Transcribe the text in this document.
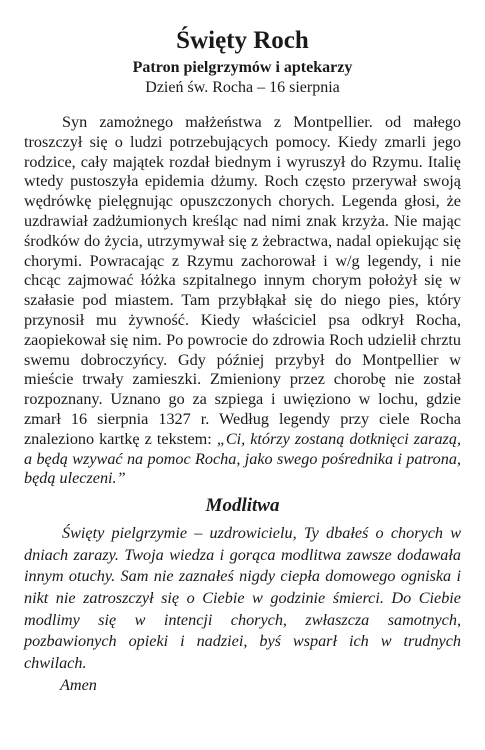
Święty Roch
Patron pielgrzymów i aptekarzy
Dzień św. Rocha – 16 sierpnia

Syn zamożnego małżeństwa z Montpellier. od małego troszczył się o ludzi potrzebujących pomocy. Kiedy zmarli jego rodzice, cały majątek rozdał biednym i wyruszył do Rzymu. Italię wtedy pustoszyła epidemia dżumy. Roch często przerywał swoją wędrówkę pielęgnując opuszczonych chorych. Legenda głosi, że uzdrawiał zadżumionych kreśląc nad nimi znak krzyża. Nie mając środków do życia, utrzymywał się z żebractwa, nadal opiekując się chorymi. Powracając z Rzymu zachorował i w/g legendy, i nie chcąc zajmować łóżka szpitalnego innym chorym położył się w szałasie pod miastem. Tam przybłąkał się do niego pies, który przynosił mu żywność. Kiedy właściciel psa odkrył Rocha, zaopiekował się nim. Po powrocie do zdrowia Roch udzielił chrztu swemu dobroczyńcy. Gdy później przybył do Montpellier w mieście trwały zamieszki. Zmieniony przez chorobę nie został rozpoznany. Uznano go za szpiega i uwięziono w lochu, gdzie zmarł 16 sierpnia 1327 r. Według legendy przy ciele Rocha znaleziono kartkę z tekstem: „Ci, którzy zostaną dotknięci zarazą, a będą wzywać na pomoc Rocha, jako swego pośrednika i patrona, będą uleczeni.”

Modlitwa

Święty pielgrzymie – uzdrowicielu, Ty dbałeś o chorych w dniach zarazy. Twoja wiedza i gorąca modlitwa zawsze dodawała innym otuchy. Sam nie zaznałeś nigdy ciepła domowego ogniska i nikt nie zatroszczył się o Ciebie w godzinie śmierci. Do Ciebie modlimy się w intencji chorych, zwłaszcza samotnych, pozbawionych opieki i nadziei, byś wsparł ich w trudnych chwilach.

Amen
